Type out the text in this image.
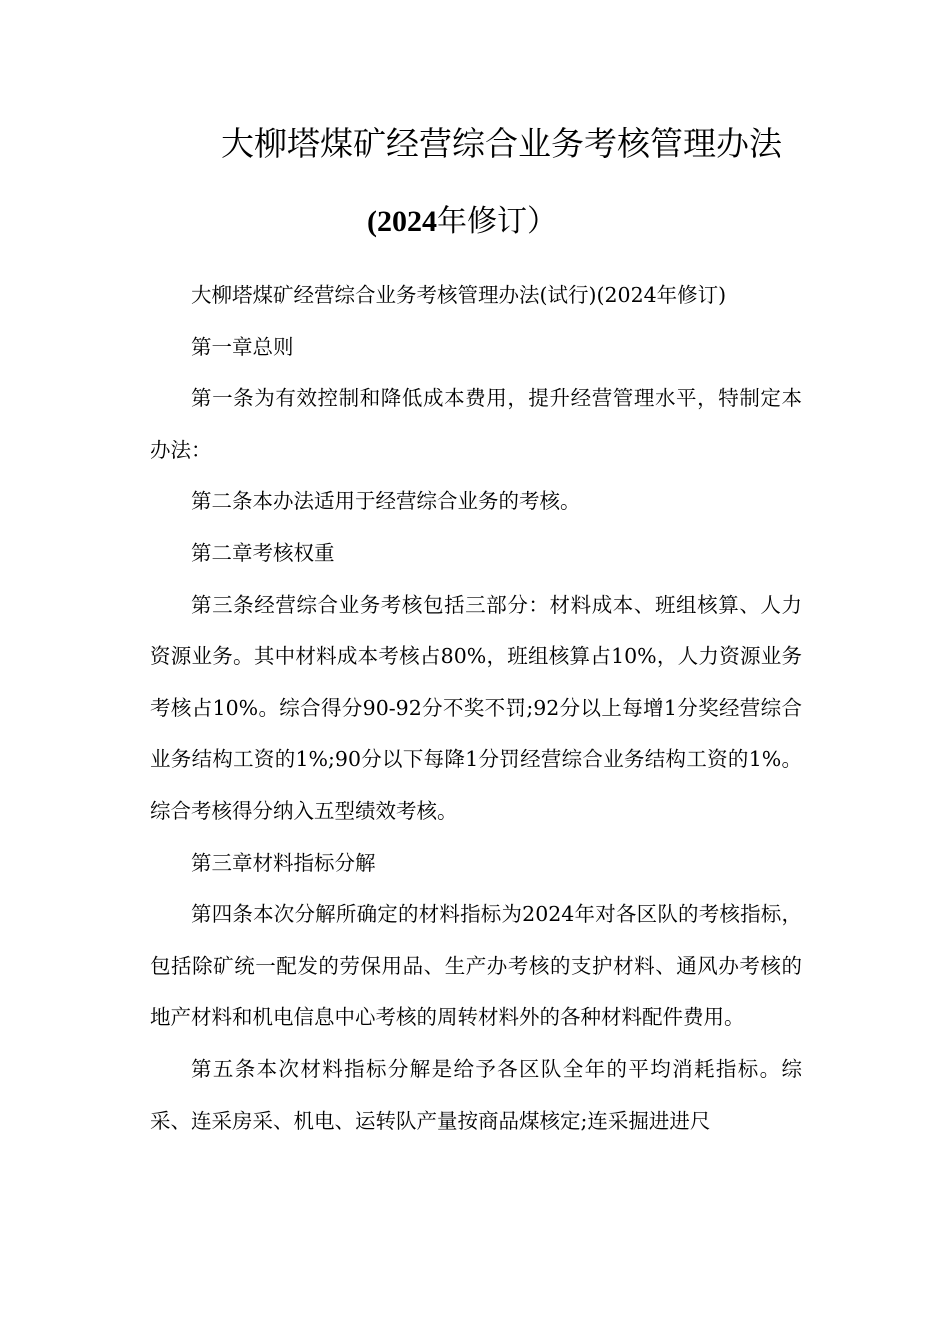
大柳塔煤矿经营综合业务考核管理办法
(2024年修订）

大柳塔煤矿经营综合业务考核管理办法(试行)(2024年修订)

第一章总则

第一条为有效控制和降低成本费用，提升经营管理水平，特制定本办法：

第二条本办法适用于经营综合业务的考核。

第二章考核权重

第三条经营综合业务考核包括三部分：材料成本、班组核算、人力资源业务。其中材料成本考核占80%，班组核算占10%，人力资源业务考核占10%。综合得分90-92分不奖不罚;92分以上每增1分奖经营综合业务结构工资的1%;90分以下每降1分罚经营综合业务结构工资的1%。综合考核得分纳入五型绩效考核。

第三章材料指标分解

第四条本次分解所确定的材料指标为2024年对各区队的考核指标，包括除矿统一配发的劳保用品、生产办考核的支护材料、通风办考核的地产材料和机电信息中心考核的周转材料外的各种材料配件费用。

第五条本次材料指标分解是给予各区队全年的平均消耗指标。综采、连采房采、机电、运转队产量按商品煤核定;连采掘进进尺
